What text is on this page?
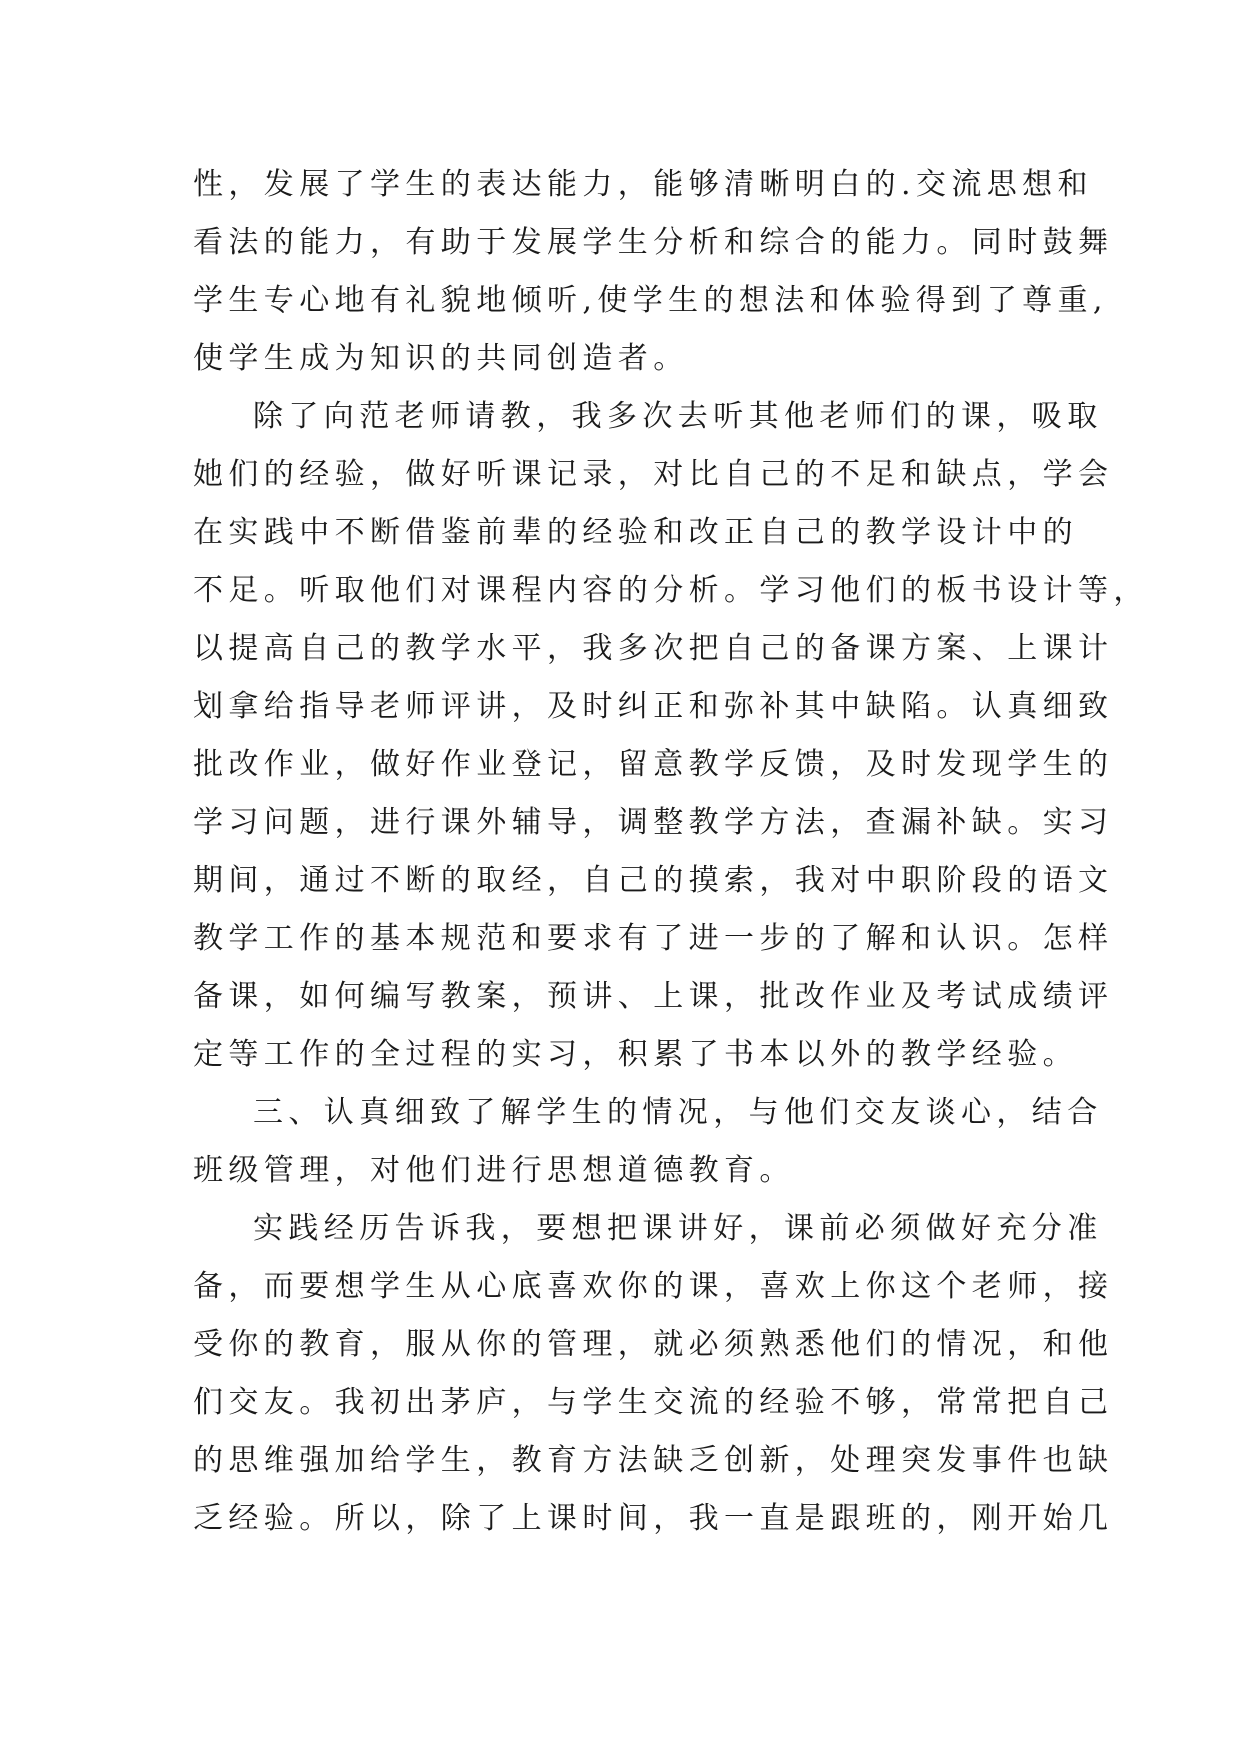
性，发展了学生的表达能力，能够清晰明白的.交流思想和
看法的能力，有助于发展学生分析和综合的能力。同时鼓舞
学生专心地有礼貌地倾听,使学生的想法和体验得到了尊重,
使学生成为知识的共同创造者。
除了向范老师请教，我多次去听其他老师们的课，吸取
她们的经验，做好听课记录，对比自己的不足和缺点，学会
在实践中不断借鉴前辈的经验和改正自己的教学设计中的
不足。听取他们对课程内容的分析。学习他们的板书设计等，
以提高自己的教学水平，我多次把自己的备课方案、上课计
划拿给指导老师评讲，及时纠正和弥补其中缺陷。认真细致
批改作业，做好作业登记，留意教学反馈，及时发现学生的
学习问题，进行课外辅导，调整教学方法，查漏补缺。实习
期间，通过不断的取经，自己的摸索，我对中职阶段的语文
教学工作的基本规范和要求有了进一步的了解和认识。怎样
备课，如何编写教案，预讲、上课，批改作业及考试成绩评
定等工作的全过程的实习，积累了书本以外的教学经验。
三、认真细致了解学生的情况，与他们交友谈心，结合
班级管理，对他们进行思想道德教育。
实践经历告诉我，要想把课讲好，课前必须做好充分准
备，而要想学生从心底喜欢你的课，喜欢上你这个老师，接
受你的教育，服从你的管理，就必须熟悉他们的情况，和他
们交友。我初出茅庐，与学生交流的经验不够，常常把自己
的思维强加给学生，教育方法缺乏创新，处理突发事件也缺
乏经验。所以，除了上课时间，我一直是跟班的，刚开始几
